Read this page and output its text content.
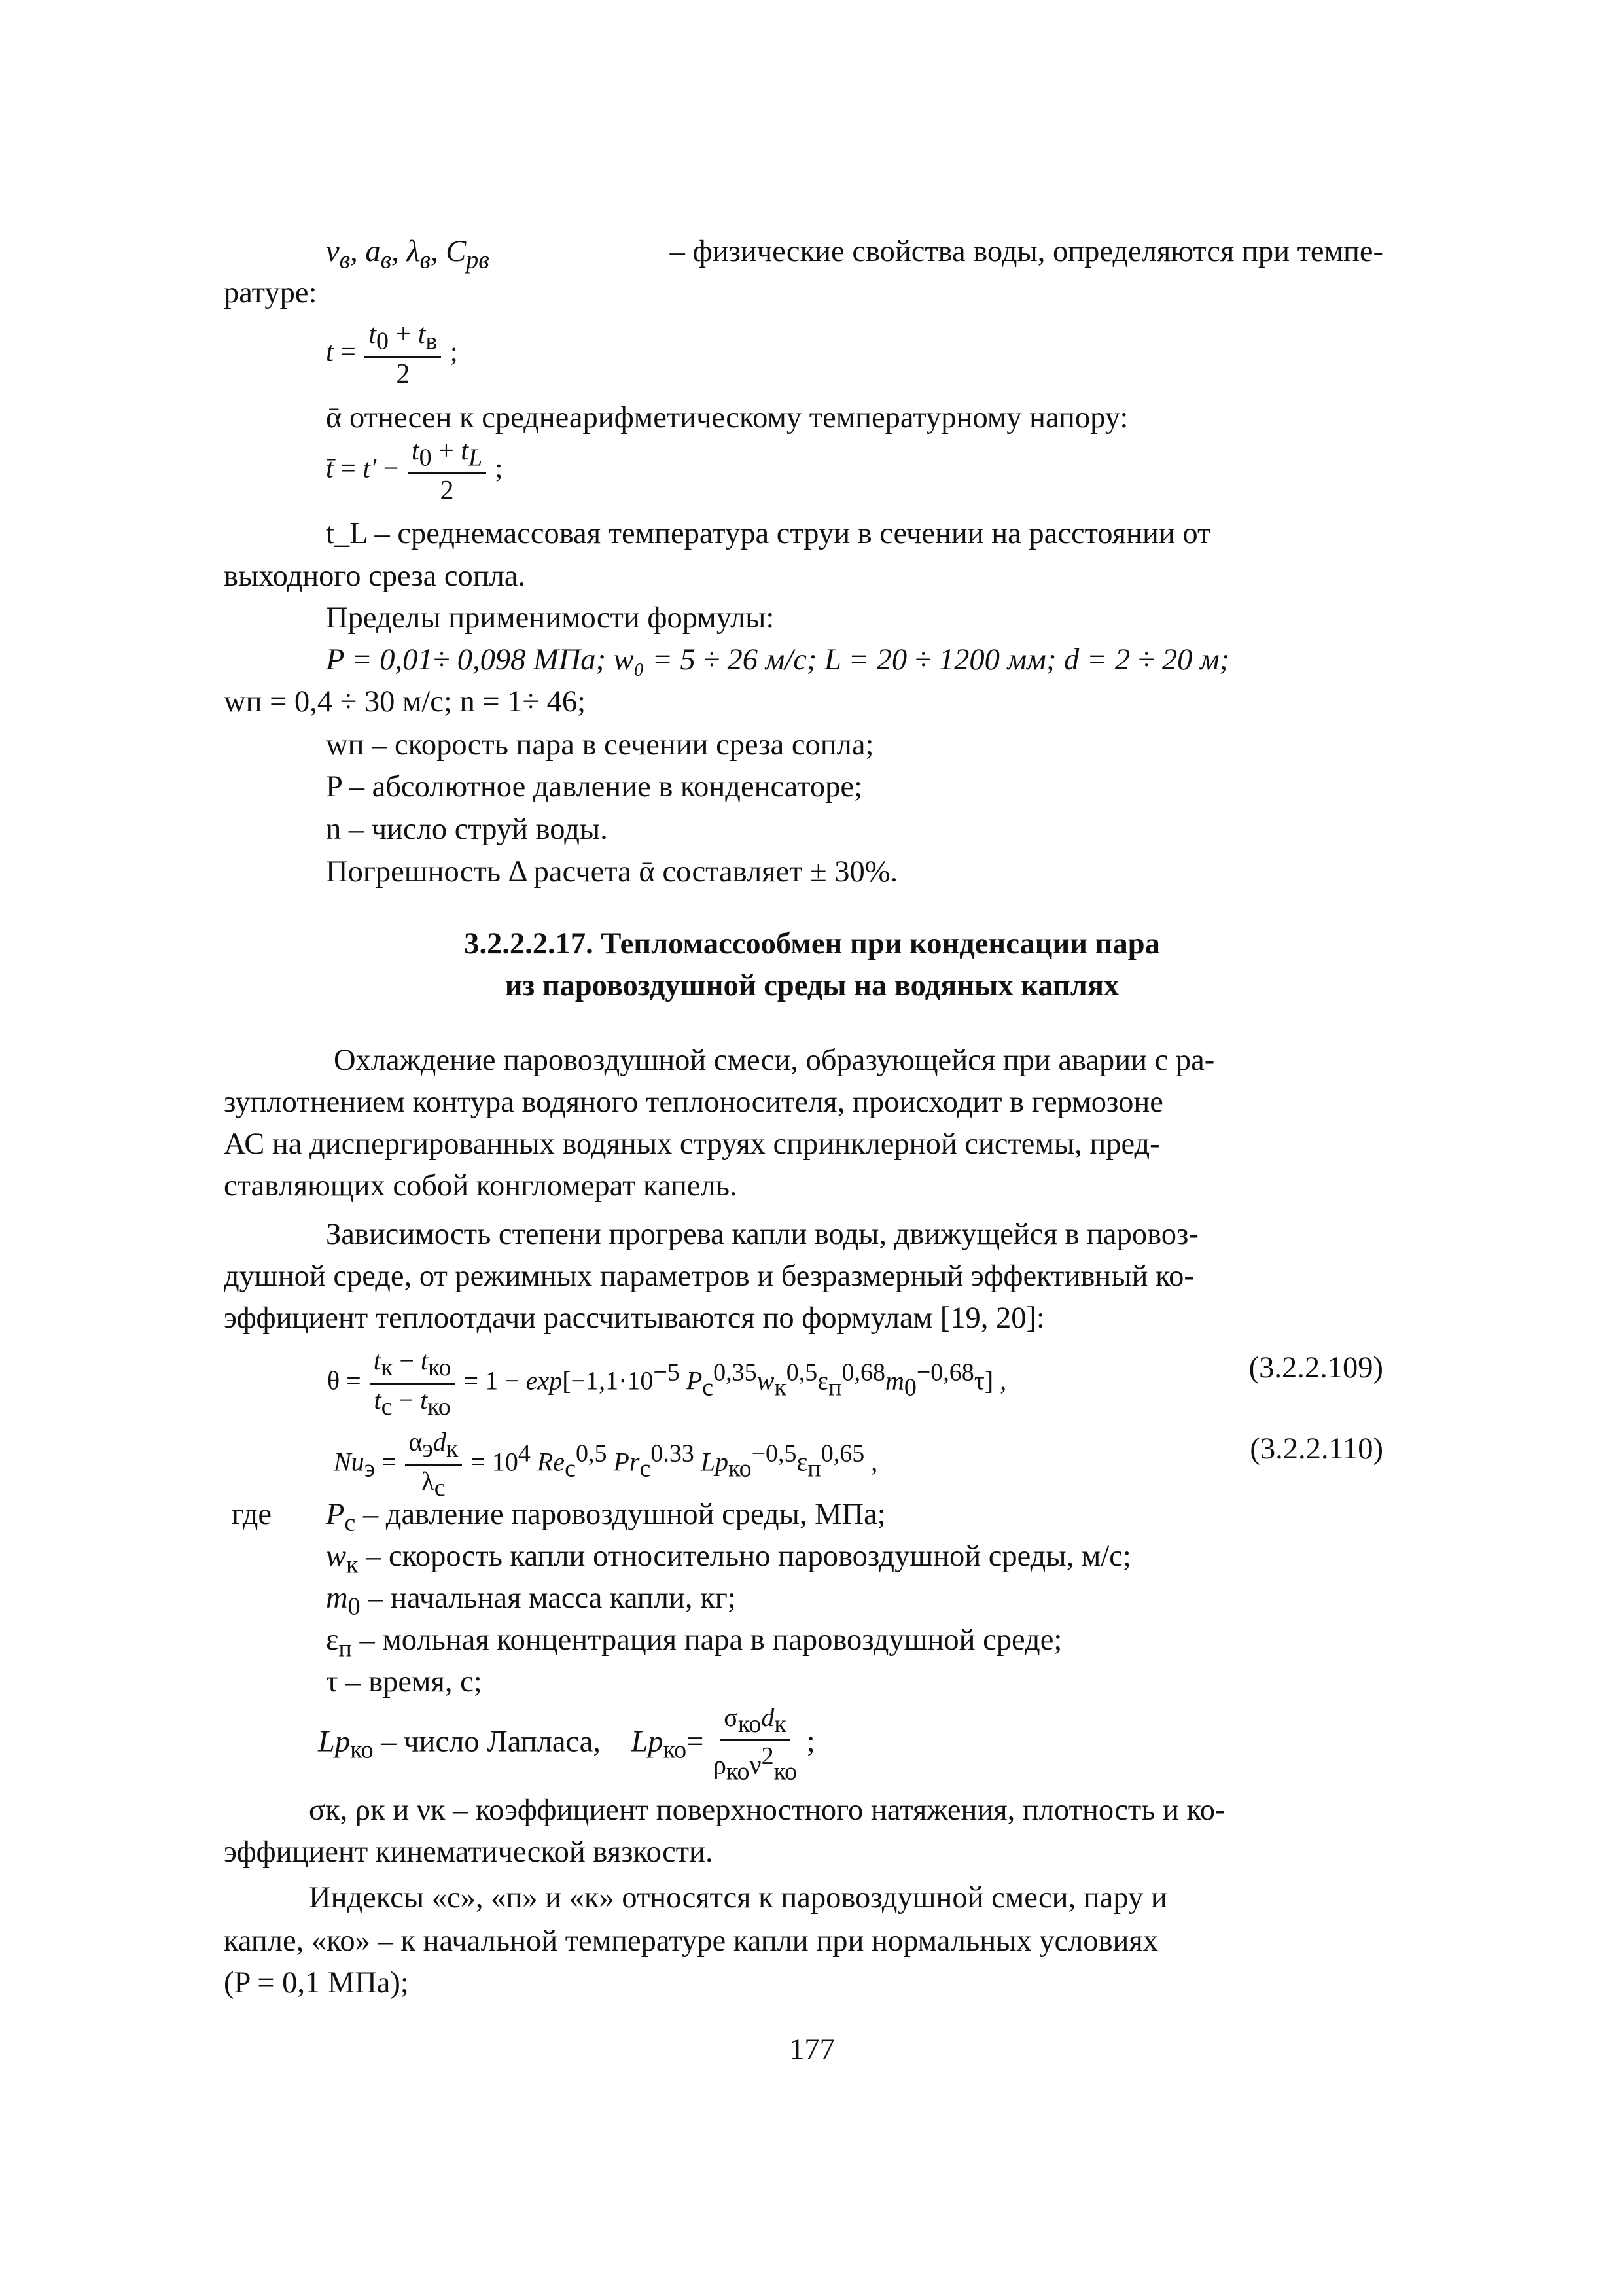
$\nu_в$, $a_в$, $\lambda_в$, $C_{рв}$	– физические свойства воды, определяются при темпе-
ратуре:
$t = \frac{t_0 + t_в}{2}$ ;
ᾱ отнесен к среднеарифметическому температурному напору:
t̄ = $t' - \frac{t_0 + t_L}{2}$ ;
t_L – среднемассовая температура струи в сечении на расстоянии от
выходного среза сопла.
Пределы применимости формулы:
P = 0,01÷ 0,098 МПа; w₀ = 5 ÷ 26 м/с; L = 20 ÷ 1200 мм; d = 2 ÷ 20 м;
wп = 0,4 ÷ 30 м/с; n = 1÷ 46;
wп – скорость пара в сечении среза сопла;
P – абсолютное давление в конденсаторе;
n – число струй воды.
Погрешность Δ расчета ᾱ составляет ± 30%.
3.2.2.2.17. Тепломассообмен при конденсации пара
из паровоздушной среды на водяных каплях
Охлаждение паровоздушной смеси, образующейся при аварии с ра-
зуплотнением контура водяного теплоносителя, происходит в гермозоне
АС на диспергированных водяных струях спринклерной системы, пред-
ставляющих собой конгломерат капель.
Зависимость степени прогрева капли воды, движущейся в паровоз-
душной среде, от режимных параметров и безразмерный эффективный ко-
эффициент теплоотдачи рассчитываются по формулам [19, 20]:
$\theta = \frac{t_к - t_{ко}}{t_с - t_{ко}} = 1 - \exp[-1,1\cdot 10^{-5}$ $P_с^{0,35}w_к^{0,5}\varepsilon_п^{0,68}m_0^{-0,68}\tau$] ,	(3.2.2.109)
$Nu_э = \frac{\alpha_эd_к}{\lambda_с} = 10^4$ $Re_с^{0,5}$ $Pr_с^{0.33}$ $Lp_{ко}^{-0,5}\varepsilon_п^{0,65}$ ,	(3.2.2.110)
где $P_с$ – давление паровоздушной среды, МПа;
$w_к$ – скорость капли относительно паровоздушной среды, м/с;
$m_0$ – начальная масса капли, кг;
$\varepsilon_п$ – мольная концентрация пара в паровоздушной среде;
τ – время, с;
$Lp_{ко}$ – число Лапласа,    $Lp_{ко}= \frac{\sigma_{ко}d_к}{\rho_{ко}\nu^2_{ко}}$ ;
σк, ρк и νк – коэффициент поверхностного натяжения, плотность и ко-
эффициент кинематической вязкости.
Индексы «с», «п» и «к» относятся к паровоздушной смеси, пару и
капле, «ко» – к начальной температуре капли при нормальных условиях
(P = 0,1 МПа);
177
